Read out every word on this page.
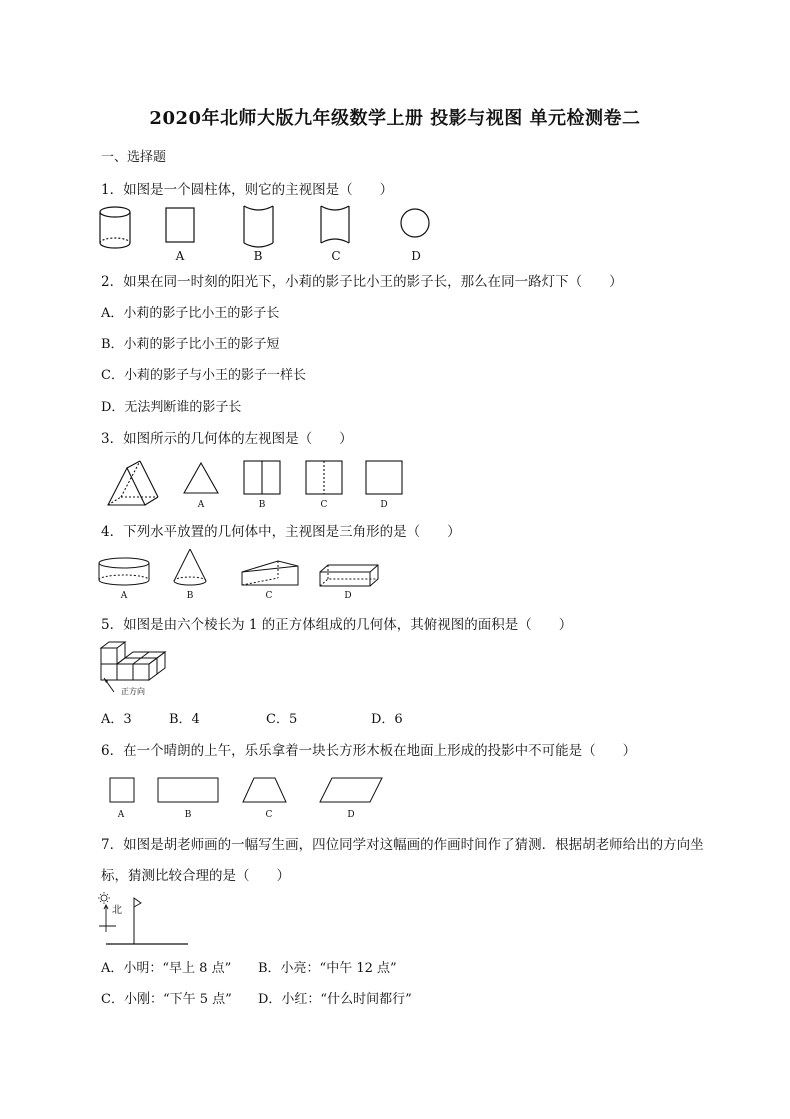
2020年北师大版九年级数学上册 投影与视图 单元检测卷二
一、选择题
1．如图是一个圆柱体，则它的主视图是（　　）
A	B	C	D
2．如果在同一时刻的阳光下，小莉的影子比小王的影子长，那么在同一路灯下（　　）
A．小莉的影子比小王的影子长
B．小莉的影子比小王的影子短
C．小莉的影子与小王的影子一样长
D．无法判断谁的影子长
3．如图所示的几何体的左视图是（　　）
A	B	C	D
4．下列水平放置的几何体中，主视图是三角形的是（　　）
A	B	C	D
5．如图是由六个棱长为 1 的正方体组成的几何体，其俯视图的面积是（　　）
正方向
A．3	B．4	C．5	D．6
6．在一个晴朗的上午，乐乐拿着一块长方形木板在地面上形成的投影中不可能是（　　）
A	B	C	D
7．如图是胡老师画的一幅写生画，四位同学对这幅画的作画时间作了猜测．根据胡老师给出的方向坐
标，猜测比较合理的是（　　）
北
A．小明：“早上 8 点” B．小亮：“中午 12 点”
C．小刚：“下午 5 点” D．小红：“什么时间都行”
